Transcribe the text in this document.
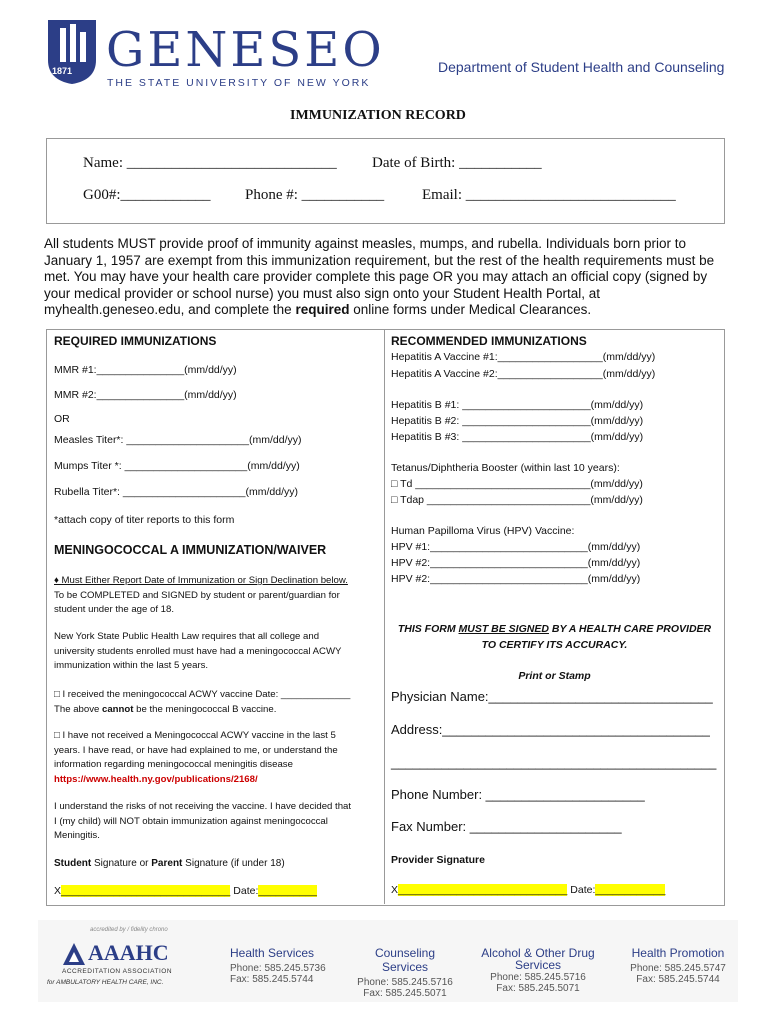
1871 GENESEO
THE STATE UNIVERSITY OF NEW YORK
Department of Student Health and Counseling
IMMUNIZATION RECORD
Name: ____________________________ Date of Birth: ___________
G00#:____________ Phone #: ___________	Email: ____________________________
All students MUST provide proof of immunity against measles, mumps, and rubella. Individuals born prior to January 1, 1957 are exempt from this immunization requirement, but the rest of the health requirements must be met. You may have your health care provider complete this page OR you may attach an official copy (signed by your medical provider or school nurse) you must also sign onto your Student Health Portal, at myhealth.geneseo.edu, and complete the required online forms under Medical Clearances.
REQUIRED IMMUNIZATIONS
MMR #1:_______________(mm/dd/yy)
MMR #2:_______________(mm/dd/yy)
OR
Measles Titer*: _____________________(mm/dd/yy)
Mumps Titer *: _____________________(mm/dd/yy)
Rubella Titer*: _____________________(mm/dd/yy)
*attach copy of titer reports to this form
MENINGOCOCCAL A IMMUNIZATION/WAIVER
♦ Must Either Report Date of Immunization or Sign Declination below.
To be COMPLETED and SIGNED by student or parent/guardian for
student under the age of 18.
New York State Public Health Law requires that all college and
university students enrolled must have had a meningococcal ACWY
immunization within the last 5 years.
□ I received the meningococcal ACWY vaccine Date: _____________
The above cannot be the meningococcal B vaccine.
□ I have not received a Meningococcal ACWY vaccine in the last 5
years. I have read, or have had explained to me, or understand the
information regarding meningococcal meningitis disease
https://www.health.ny.gov/publications/2168/
I understand the risks of not receiving the vaccine. I have decided that
I (my child) will NOT obtain immunization against meningococcal
Meningitis.
Student Signature or Parent Signature (if under 18)
X_____________________________ Date:__________
RECOMMENDED IMMUNIZATIONS
Hepatitis A Vaccine #1:__________________(mm/dd/yy)
Hepatitis A Vaccine #2:__________________(mm/dd/yy)
Hepatitis B #1: ______________________(mm/dd/yy)
Hepatitis B #2: ______________________(mm/dd/yy)
Hepatitis B #3: ______________________(mm/dd/yy)
Tetanus/Diphtheria Booster (within last 10 years):
□ Td ______________________________(mm/dd/yy)
□ Tdap ____________________________(mm/dd/yy)
Human Papilloma Virus (HPV) Vaccine:
HPV #1:___________________________(mm/dd/yy)
HPV #2:___________________________(mm/dd/yy)
HPV #2:___________________________(mm/dd/yy)
THIS FORM MUST BE SIGNED BY A HEALTH CARE PROVIDER
TO CERTIFY ITS ACCURACY.
Print or Stamp
Physician Name:_______________________________
Address:_____________________________________
_____________________________________________
Phone Number: ______________________
Fax Number: _____________________
Provider Signature
X_____________________________ Date:____________
accredited by / fidelity chrono
AAAHC
ACCREDITATION ASSOCIATION
for AMBULATORY HEALTH CARE, INC.
Health Services
Phone: 585.245.5736
Fax: 585.245.5744
Counseling Services
Phone: 585.245.5716
Fax: 585.245.5071
Alcohol & Other Drug
Services
Phone: 585.245.5716
Fax: 585.245.5071
Health Promotion
Phone: 585.245.5747
Fax: 585.245.5744
